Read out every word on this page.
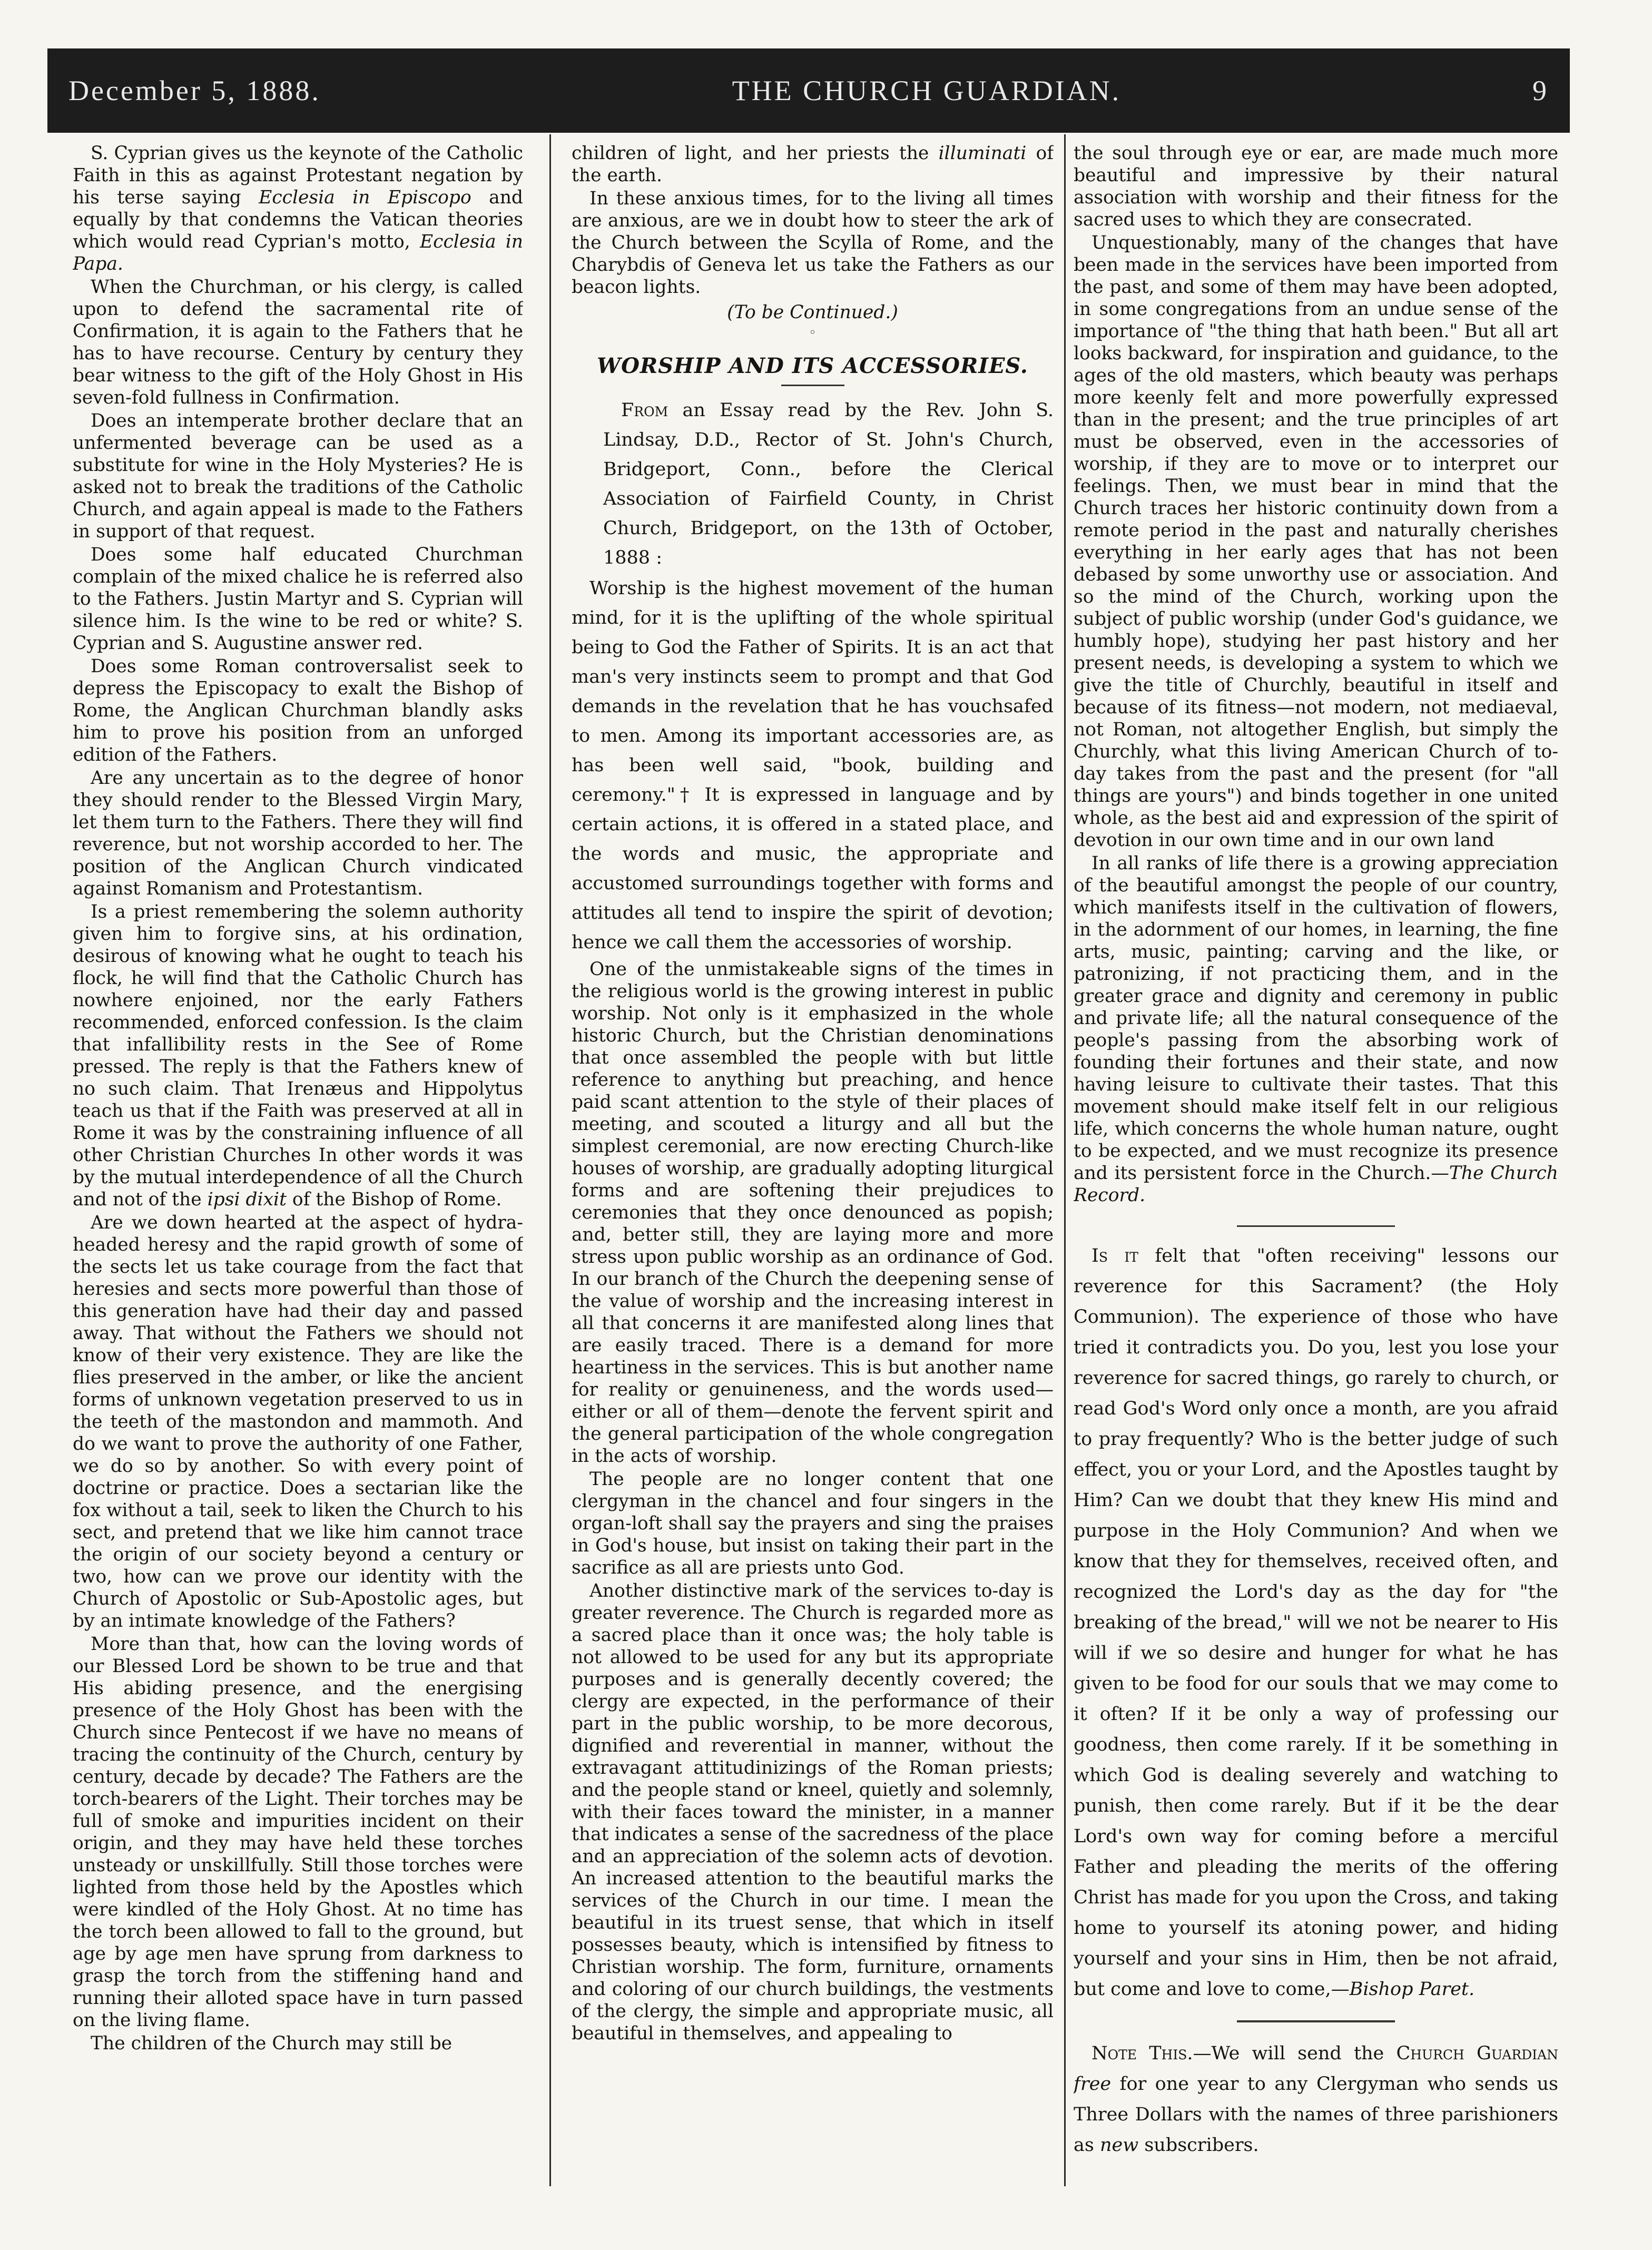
December 5, 1888.	THE CHURCH GUARDIAN.	9

S. Cyprian gives us the keynote of the Catholic Faith in this as against Protestant negation by his terse saying Ecclesia in Episcopo and equally by that condemns the Vatican theories which would read Cyprian's motto, Ecclesia in Papa.

When the Churchman, or his clergy, is called upon to defend the sacramental rite of Confirmation, it is again to the Fathers that he has to have recourse. Century by century they bear witness to the gift of the Holy Ghost in His seven-fold fullness in Confirmation.

Does an intemperate brother declare that an unfermented beverage can be used as a substitute for wine in the Holy Mysteries? He is asked not to break the traditions of the Catholic Church, and again appeal is made to the Fathers in support of that request.

Does some half educated Churchman complain of the mixed chalice he is referred also to the Fathers. Justin Martyr and S. Cyprian will silence him. Is the wine to be red or white? S. Cyprian and S. Augustine answer red.

Does some Roman controversalist seek to depress the Episcopacy to exalt the Bishop of Rome, the Anglican Churchman blandly asks him to prove his position from an unforged edition of the Fathers.

Are any uncertain as to the degree of honor they should render to the Blessed Virgin Mary, let them turn to the Fathers. There they will find reverence, but not worship accorded to her. The position of the Anglican Church vindicated against Romanism and Protestantism.

Is a priest remembering the solemn authority given him to forgive sins, at his ordination, desirous of knowing what he ought to teach his flock, he will find that the Catholic Church has nowhere enjoined, nor the early Fathers recommended, enforced confession. Is the claim that infallibility rests in the See of Rome pressed. The reply is that the Fathers knew of no such claim. That Irenæus and Hippolytus teach us that if the Faith was preserved at all in Rome it was by the constraining influence of all other Christian Churches In other words it was by the mutual interdependence of all the Church and not of the ipsi dixit of the Bishop of Rome.

Are we down hearted at the aspect of hydra-headed heresy and the rapid growth of some of the sects let us take courage from the fact that heresies and sects more powerful than those of this generation have had their day and passed away. That without the Fathers we should not know of their very existence. They are like the flies preserved in the amber, or like the ancient forms of unknown vegetation preserved to us in the teeth of the mastondon and mammoth. And do we want to prove the authority of one Father, we do so by another. So with every point of doctrine or practice. Does a sectarian like the fox without a tail, seek to liken the Church to his sect, and pretend that we like him cannot trace the origin of our society beyond a century or two, how can we prove our identity with the Church of Apostolic or Sub-Apostolic ages, but by an intimate knowledge of the Fathers?

More than that, how can the loving words of our Blessed Lord be shown to be true and that His abiding presence, and the energising presence of the Holy Ghost has been with the Church since Pentecost if we have no means of tracing the continuity of the Church, century by century, decade by decade? The Fathers are the torch-bearers of the Light. Their torches may be full of smoke and impurities incident on their origin, and they may have held these torches unsteady or unskillfully. Still those torches were lighted from those held by the Apostles which were kindled of the Holy Ghost. At no time has the torch been allowed to fall to the ground, but age by age men have sprung from darkness to grasp the torch from the stiffening hand and running their alloted space have in turn passed on the living flame.

The children of the Church may still be

children of light, and her priests the illuminati of the earth.

In these anxious times, for to the living all times are anxious, are we in doubt how to steer the ark of the Church between the Scylla of Rome, and the Charybdis of Geneva let us take the Fathers as our beacon lights.

(To be Continued.)

◦
WORSHIP AND ITS ACCESSORIES.

From an Essay read by the Rev. John S. Lindsay, D.D., Rector of St. John's Church, Bridgeport, Conn., before the Clerical Association of Fairfield County, in Christ Church, Bridgeport, on the 13th of October, 1888 :

Worship is the highest movement of the human mind, for it is the uplifting of the whole spiritual being to God the Father of Spirits. It is an act that man's very instincts seem to prompt and that God demands in the revelation that he has vouchsafed to men. Among its important accessories are, as has been well said, "book, building and ceremony."† It is expressed in language and by certain actions, it is offered in a stated place, and the words and music, the appropriate and accustomed surroundings together with forms and attitudes all tend to inspire the spirit of devotion; hence we call them the accessories of worship.

One of the unmistakeable signs of the times in the religious world is the growing interest in public worship. Not only is it emphasized in the whole historic Church, but the Christian denominations that once assembled the people with but little reference to anything but preaching, and hence paid scant attention to the style of their places of meeting, and scouted a liturgy and all but the simplest ceremonial, are now erecting Church-like houses of worship, are gradually adopting liturgical forms and are softening their prejudices to ceremonies that they once denounced as popish; and, better still, they are laying more and more stress upon public worship as an ordinance of God. In our branch of the Church the deepening sense of the value of worship and the increasing interest in all that concerns it are manifested along lines that are easily traced. There is a demand for more heartiness in the services. This is but another name for reality or genuineness, and the words used—either or all of them—denote the fervent spirit and the general participation of the whole congregation in the acts of worship.

The people are no longer content that one clergyman in the chancel and four singers in the organ-loft shall say the prayers and sing the praises in God's house, but insist on taking their part in the sacrifice as all are priests unto God.

Another distinctive mark of the services to-day is greater reverence. The Church is regarded more as a sacred place than it once was; the holy table is not allowed to be used for any but its appropriate purposes and is generally decently covered; the clergy are expected, in the performance of their part in the public worship, to be more decorous, dignified and reverential in manner, without the extravagant attitudinizings of the Roman priests; and the people stand or kneel, quietly and solemnly, with their faces toward the minister, in a manner that indicates a sense of the sacredness of the place and an appreciation of the solemn acts of devotion. An increased attention to the beautiful marks the services of the Church in our time. I mean the beautiful in its truest sense, that which in itself possesses beauty, which is intensified by fitness to Christian worship. The form, furniture, ornaments and coloring of our church buildings, the vestments of the clergy, the simple and appropriate music, all beautiful in themselves, and appealing to

the soul through eye or ear, are made much more beautiful and impressive by their natural association with worship and their fitness for the sacred uses to which they are consecrated.

Unquestionably, many of the changes that have been made in the services have been imported from the past, and some of them may have been adopted, in some congregations from an undue sense of the importance of "the thing that hath been." But all art looks backward, for inspiration and guidance, to the ages of the old masters, which beauty was perhaps more keenly felt and more powerfully expressed than in the present; and the true principles of art must be observed, even in the accessories of worship, if they are to move or to interpret our feelings. Then, we must bear in mind that the Church traces her historic continuity down from a remote period in the past and naturally cherishes everything in her early ages that has not been debased by some unworthy use or association. And so the mind of the Church, working upon the subject of public worship (under God's guidance, we humbly hope), studying her past history and her present needs, is developing a system to which we give the title of Churchly, beautiful in itself and because of its fitness—not modern, not mediaeval, not Roman, not altogether English, but simply the Churchly, what this living American Church of to-day takes from the past and the present (for "all things are yours") and binds together in one united whole, as the best aid and expression of the spirit of devotion in our own time and in our own land

In all ranks of life there is a growing appreciation of the beautiful amongst the people of our country, which manifests itself in the cultivation of flowers, in the adornment of our homes, in learning, the fine arts, music, painting; carving and the like, or patronizing, if not practicing them, and in the greater grace and dignity and ceremony in public and private life; all the natural consequence of the people's passing from the absorbing work of founding their fortunes and their state, and now having leisure to cultivate their tastes. That this movement should make itself felt in our religious life, which concerns the whole human nature, ought to be expected, and we must recognize its presence and its persistent force in the Church.—The Church Record.

Is it felt that "often receiving" lessons our reverence for this Sacrament? (the Holy Communion). The experience of those who have tried it contradicts you. Do you, lest you lose your reverence for sacred things, go rarely to church, or read God's Word only once a month, are you afraid to pray frequently? Who is the better judge of such effect, you or your Lord, and the Apostles taught by Him? Can we doubt that they knew His mind and purpose in the Holy Communion? And when we know that they for themselves, received often, and recognized the Lord's day as the day for "the breaking of the bread," will we not be nearer to His will if we so desire and hunger for what he has given to be food for our souls that we may come to it often? If it be only a way of professing our goodness, then come rarely. If it be something in which God is dealing severely and watching to punish, then come rarely. But if it be the dear Lord's own way for coming before a merciful Father and pleading the merits of the offering Christ has made for you upon the Cross, and taking home to yourself its atoning power, and hiding yourself and your sins in Him, then be not afraid, but come and love to come,—Bishop Paret.

Note This.—We will send the Church Guardian free for one year to any Clergyman who sends us Three Dollars with the names of three parishioners as new subscribers.
